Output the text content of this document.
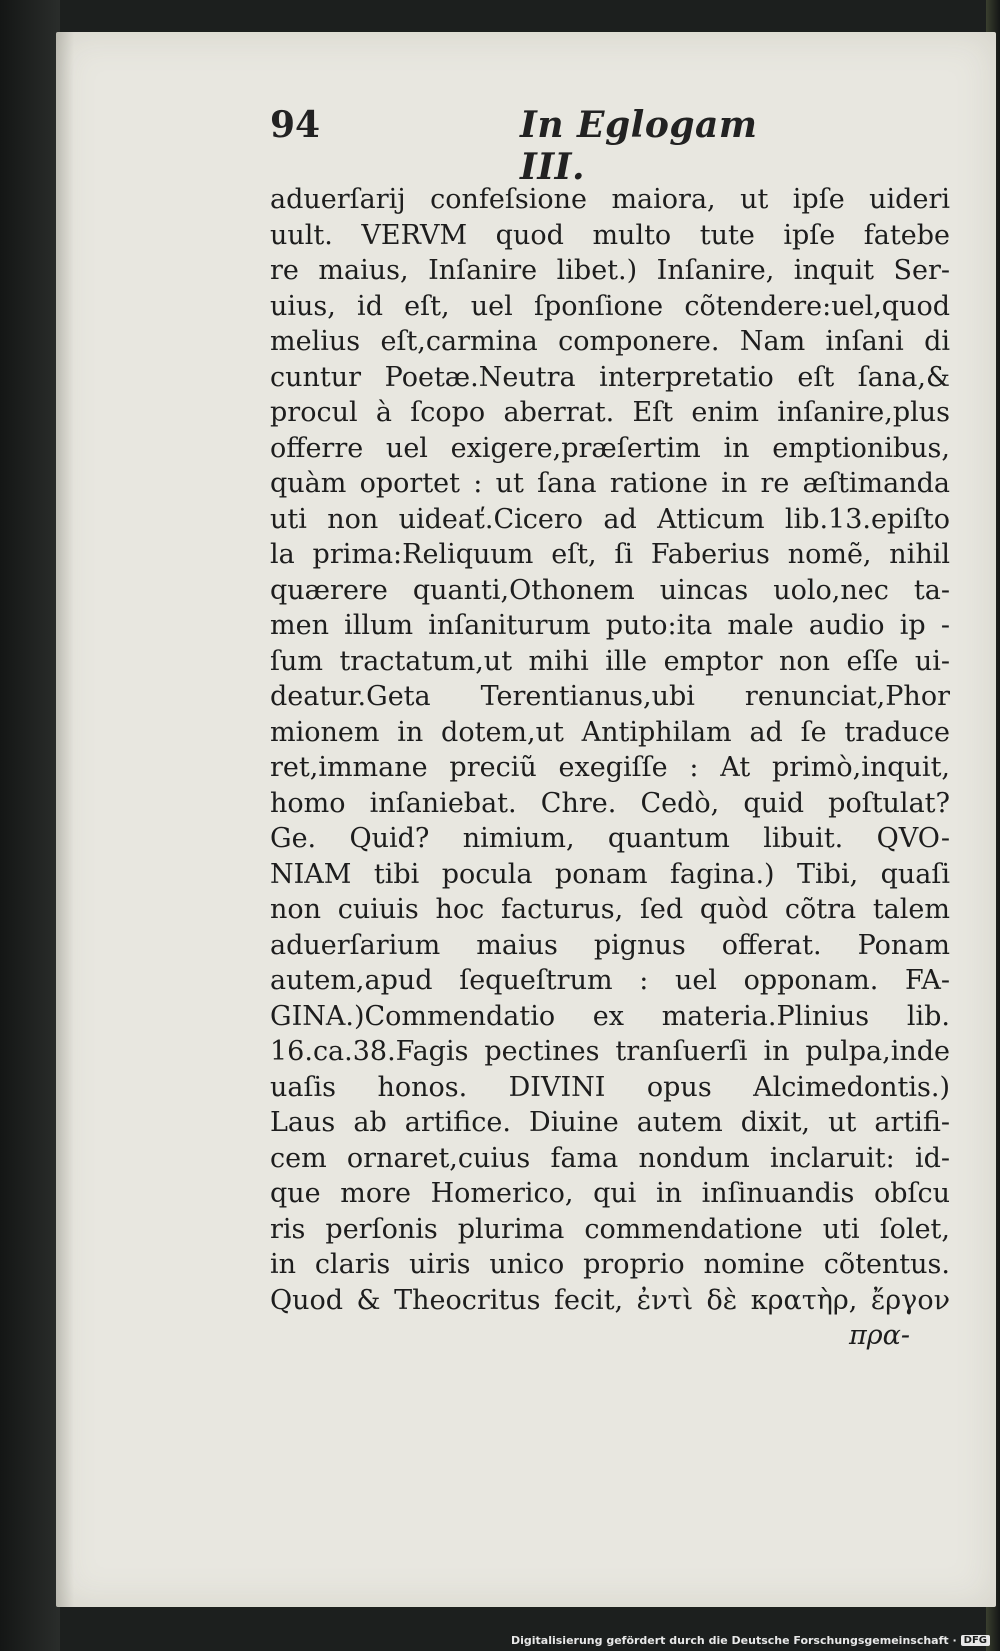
94	In Eglogam III.
aduerſarij confeſsione maiora, ut ipſe uideri
uult. VERVM quod multo tute ipſe fatebe
re maius, Inſanire libet.) Inſanire, inquit Ser-
uius, id eſt, uel ſponſione cõtendere:uel,quod
melius eſt,carmina componere. Nam inſani di
cuntur Poetæ.Neutra interpretatio eſt ſana,&
procul à ſcopo aberrat. Eſt enim inſanire,plus
offerre uel exigere,præſertim in emptionibus,
quàm oportet : ut ſana ratione in re æſtimanda
uti non uideať.Cicero ad Atticum lib.13.epiſto
la prima:Reliquum eſt, ſi Faberius nomẽ, nihil
quærere quanti,Othonem uincas uolo,nec ta-
men illum inſaniturum puto:ita male audio ip -
ſum tractatum,ut mihi ille emptor non eſſe ui-
deatur.Geta Terentianus,ubi renunciat,Phor
mionem in dotem,ut Antiphilam ad ſe traduce
ret,immane preciũ exegiſſe : At primò,inquit,
homo inſaniebat. Chre. Cedò, quid poſtulat?
Ge. Quid? nimium, quantum libuit. QVO-
NIAM tibi pocula ponam fagina.) Tibi, quaſi
non cuiuis hoc facturus, ſed quòd cõtra talem
aduerſarium maius pignus offerat. Ponam
autem,apud ſequeſtrum : uel opponam. FA-
GINA.)Commendatio ex materia.Plinius lib.
16.ca.38.Fagis pectines tranſuerſi in pulpa,inde
uaſis honos. DIVINI opus Alcimedontis.)
Laus ab artifice. Diuine autem dixit, ut artifi-
cem ornaret,cuius fama nondum inclaruit: id-
que more Homerico, qui in inſinuandis obſcu
ris perſonis plurima commendatione uti ſolet,
in claris uiris unico proprio nomine cõtentus.
Quod & Theocritus fecit, ἐντὶ δὲ κρατὴρ, ἔργον
πρα-
Digitalisierung gefördert durch die Deutsche Forschungsgemeinschaft · DFG
